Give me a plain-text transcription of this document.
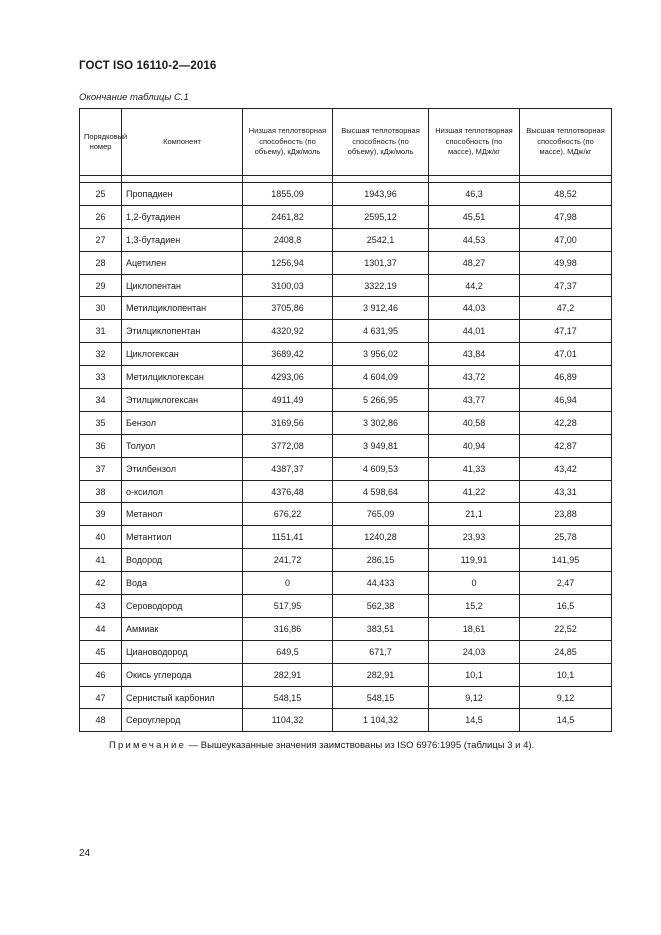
ГОСТ ISO 16110-2—2016
Окончание таблицы С.1
Порядковый номер	Компонент	Низшая теплотворная способность (по объему), кДж/моль	Высшая теплотворная способность (по объему), кДж/моль	Низшая теплотворная способность (по массе), МДж/кг	Высшая теплотворная способность (по массе), МДж/кг

25	Пропадиен	1855,09	1943,96	46,3	48,52
26	1,2-бутадиен	2461,82	2595,12	45,51	47,98
27	1,3-бутадиен	2408,8	2542,1	44,53	47,00
28	Ацетилен	1256,94	1301,37	48,27	49,98
29	Циклопентан	3100,03	3322,19	44,2	47,37
30	Метилциклопентан	3705,86	3 912,46	44,03	47,2
31	Этилциклопентан	4320,92	4 631,95	44,01	47,17
32	Циклогексан	3689,42	3 956,02	43,84	47,01
33	Метилциклогексан	4293,06	4 604,09	43,72	46,89
34	Этилциклогексан	4911,49	5 266,95	43,77	46,94
35	Бензол	3169,56	3 302,86	40,58	42,28
36	Толуол	3772,08	3 949,81	40,94	42,87
37	Этилбензол	4387,37	4 609,53	41,33	43,42
38	о-ксилол	4376,48	4 598,64	41,22	43,31
39	Метанол	676,22	765,09	21,1	23,88
40	Метантиол	1151,41	1240,28	23,93	25,78
41	Водород	241,72	286,15	119,91	141,95
42	Вода	0	44,433	0	2,47
43	Сероводород	517,95	562,38	15,2	16,5
44	Аммиак	316,86	383,51	18,61	22,52
45	Циановодород	649,5	671,7	24,03	24,85
46	Окись углерода	282,91	282,91	10,1	10,1
47	Сернистый карбонил	548,15	548,15	9,12	9,12
48	Сероуглерод	1104,32	1 104,32	14,5	14,5
Примечание — Вышеуказанные значения заимствованы из ISO 6976:1995 (таблицы 3 и 4).
24
